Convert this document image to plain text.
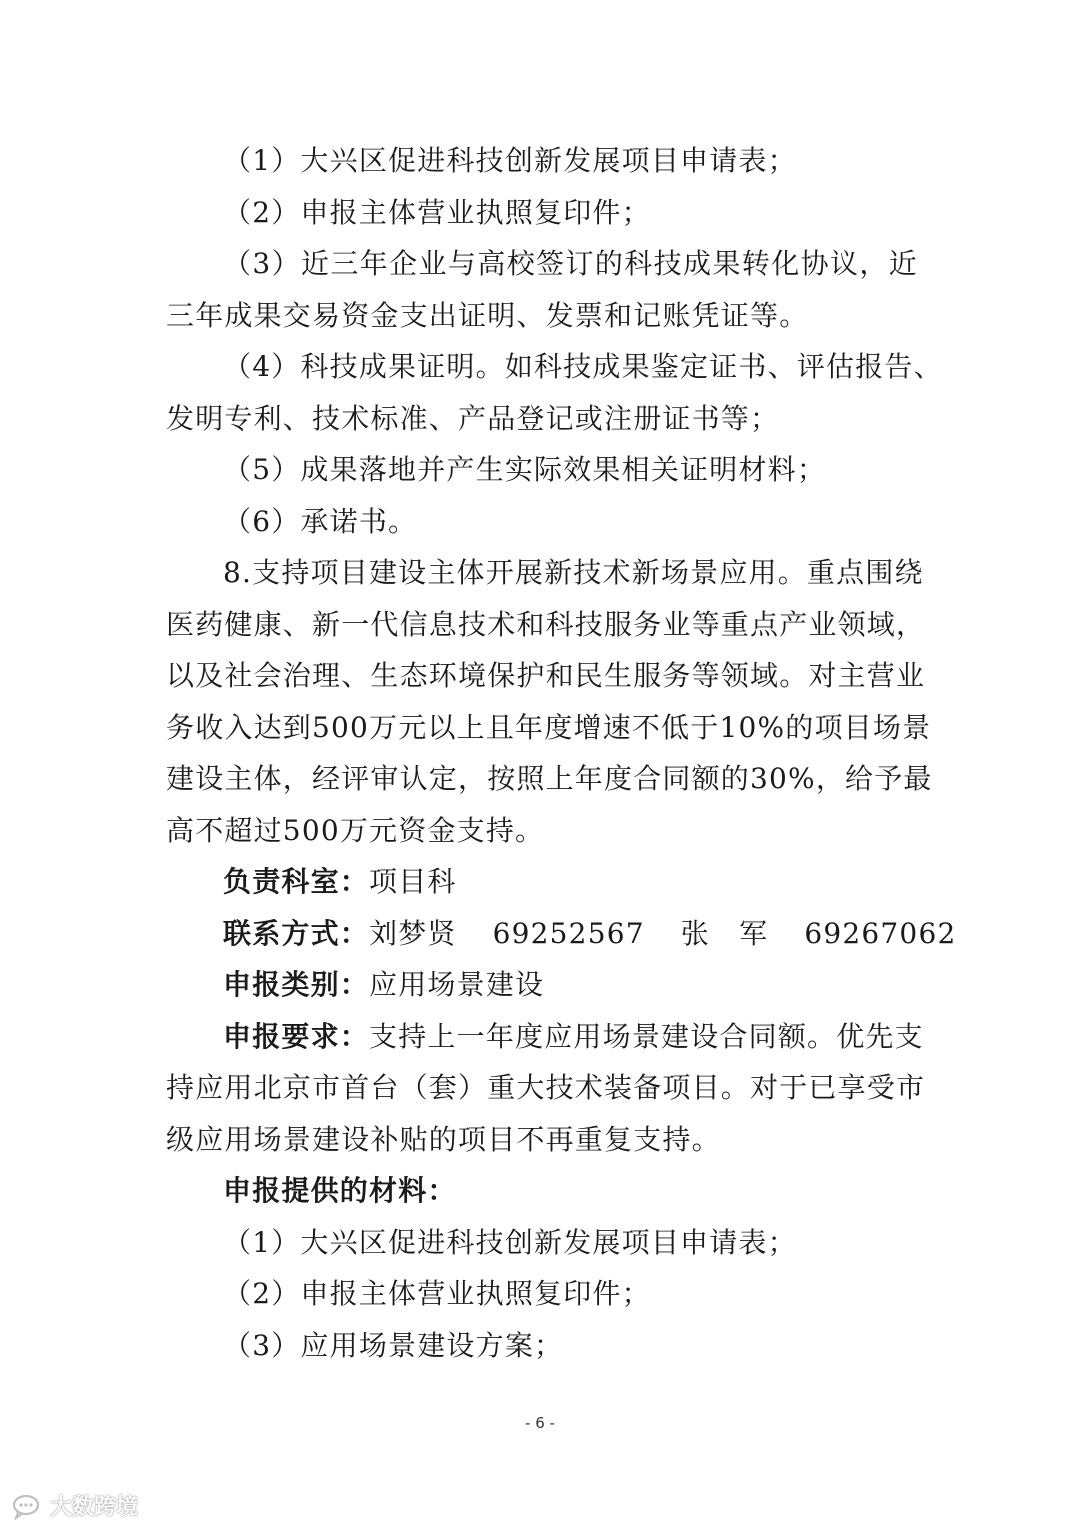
（1）大兴区促进科技创新发展项目申请表；
（2）申报主体营业执照复印件；
（3）近三年企业与高校签订的科技成果转化协议，近
三年成果交易资金支出证明、发票和记账凭证等。
（4）科技成果证明。如科技成果鉴定证书、评估报告、
发明专利、技术标准、产品登记或注册证书等；
（5）成果落地并产生实际效果相关证明材料；
（6）承诺书。
8.支持项目建设主体开展新技术新场景应用。重点围绕
医药健康、新一代信息技术和科技服务业等重点产业领域，
以及社会治理、生态环境保护和民生服务等领域。对主营业
务收入达到500万元以上且年度增速不低于10%的项目场景
建设主体，经评审认定，按照上年度合同额的30%，给予最
高不超过500万元资金支持。
负责科室：项目科
联系方式：刘梦贤 69252567 张　军 69267062
申报类别：应用场景建设
申报要求：支持上一年度应用场景建设合同额。优先支
持应用北京市首台（套）重大技术装备项目。对于已享受市
级应用场景建设补贴的项目不再重复支持。
申报提供的材料：
（1）大兴区促进科技创新发展项目申请表；
（2）申报主体营业执照复印件；
（3）应用场景建设方案；
- 6 -
大数跨境
